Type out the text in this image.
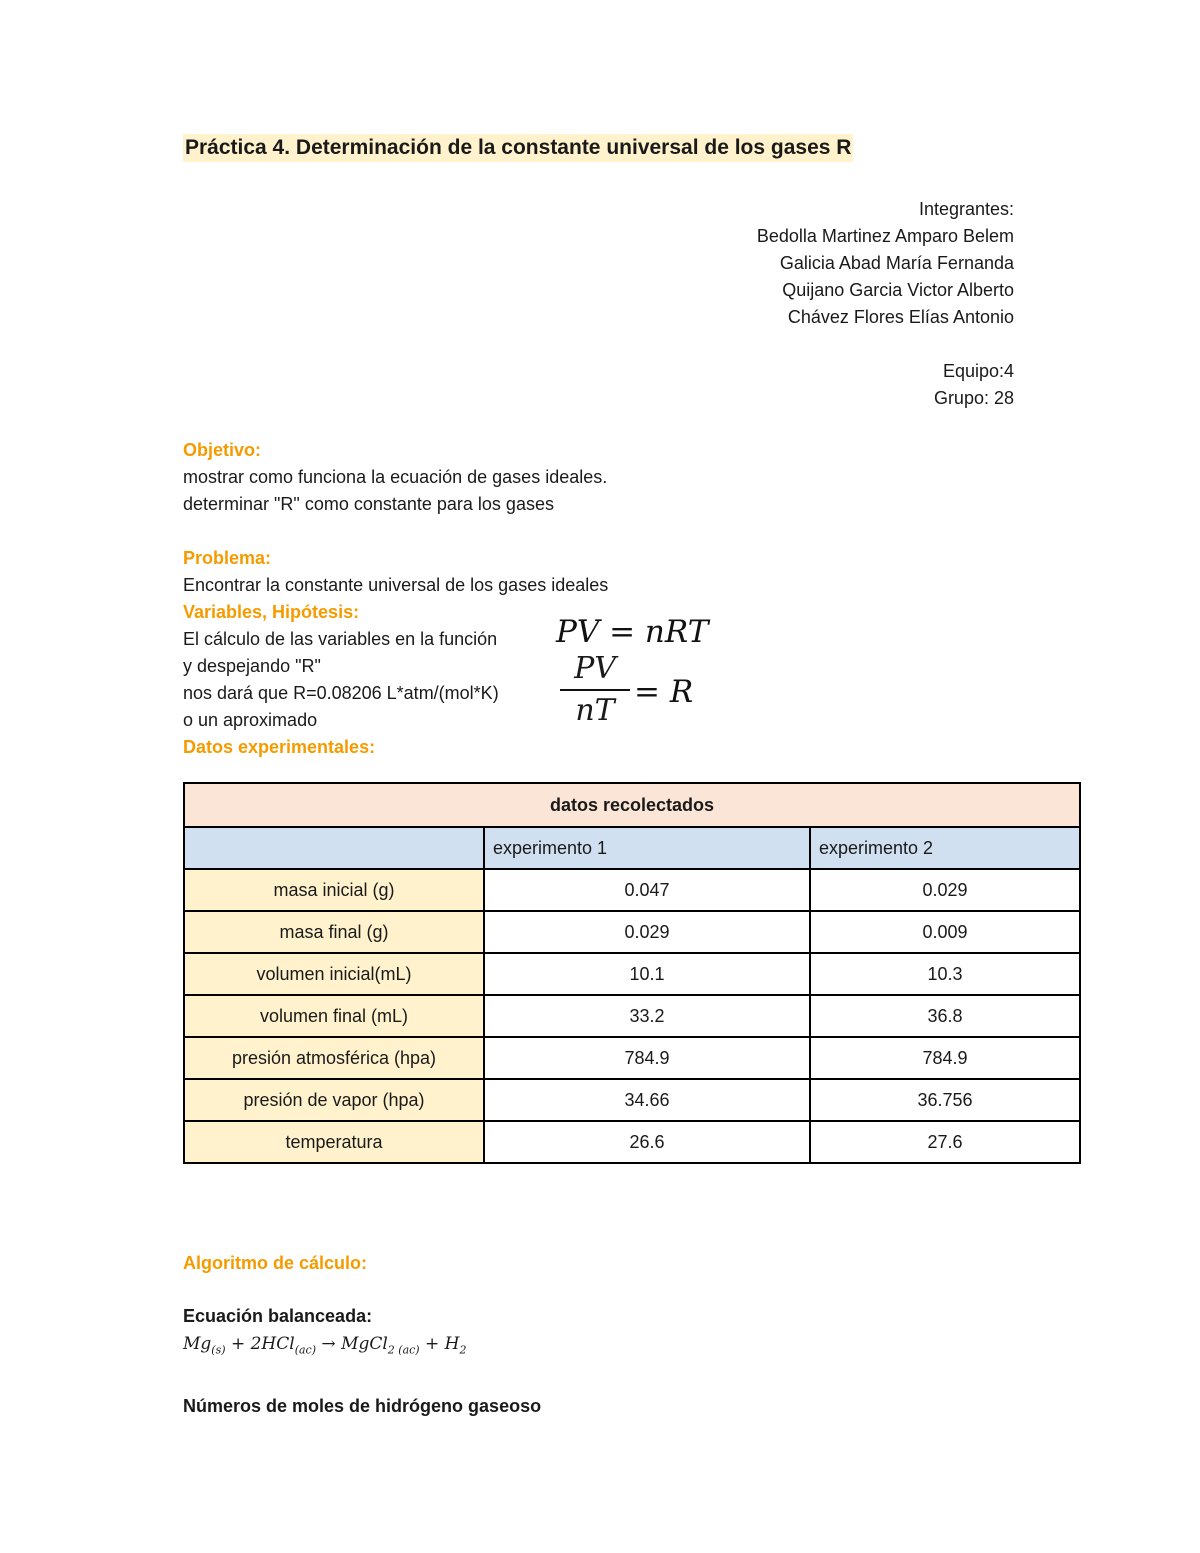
Práctica 4. Determinación de la constante universal de los gases R
Integrantes:
Bedolla Martinez Amparo Belem
Galicia Abad María Fernanda
Quijano Garcia Victor Alberto
Chávez Flores Elías Antonio
Equipo:4
Grupo: 28
Objetivo:
mostrar como funciona la ecuación de gases ideales.
determinar "R" como constante para los gases
Problema:
Encontrar la constante universal de los gases ideales
Variables, Hipótesis:
El cálculo de las variables en la función
y despejando "R"
nos dará que R=0.08206 L*atm/(mol*K)
o un aproximado
Datos experimentales:
PV = nRT
PV
nT
= R
datos recolectados		
	experimento 1	experimento 2
masa inicial (g)	0.047	0.029
masa final (g)	0.029	0.009
volumen inicial(mL)	10.1	10.3
volumen final (mL)	33.2	36.8
presión atmosférica (hpa)	784.9	784.9
presión de vapor (hpa)	34.66	36.756
temperatura	26.6	27.6
Algoritmo de cálculo:
Ecuación balanceada:
$Mg_{(s)} + 2HCl_{(ac)}$ → MgCl$_{2 (ac)}$ + $H_2$
Números de moles de hidrógeno gaseoso
